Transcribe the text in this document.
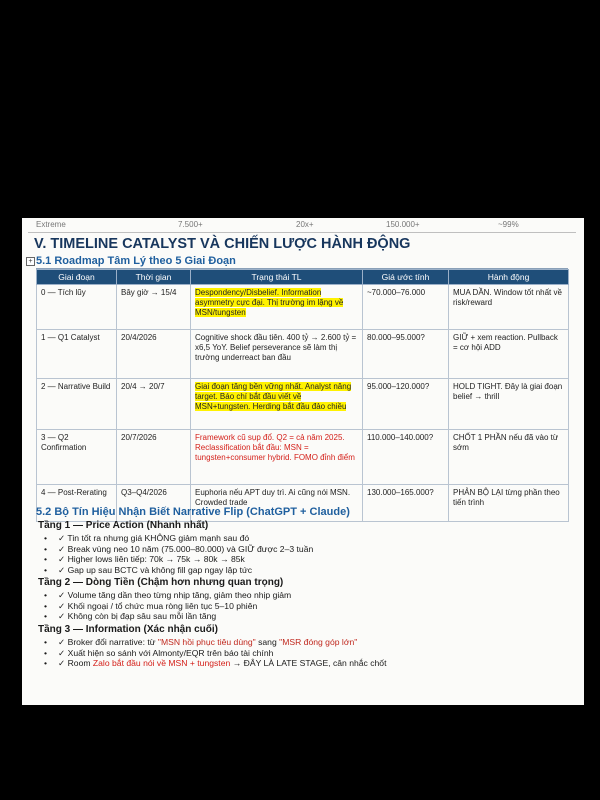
Extreme	7.500+	20x+	150.000+	~99%
V. TIMELINE CATALYST VÀ CHIẾN LƯỢC HÀNH ĐỘNG
+ 5.1 Roadmap Tâm Lý theo 5 Giai Đoạn
Giai đoạn	Thời gian	Trạng thái TL	Giá ước tính	Hành động
0 — Tích lũy	Bây giờ → 15/4	Despondency/Disbelief. Information asymmetry cực đại. Thị trường im lặng về MSN/tungsten	~70.000–76.000	MUA DẦN. Window tốt nhất về risk/reward
1 — Q1 Catalyst	20/4/2026	Cognitive shock đầu tiên. 400 tỷ → 2.600 tỷ = x6,5 YoY. Belief perseverance sẽ làm thị trường underreact ban đầu	80.000–95.000?	GIỮ + xem reaction. Pullback = cơ hội ADD
2 — Narrative Build	20/4 → 20/7	Giai đoạn tăng bền vững nhất. Analyst nâng target. Báo chí bắt đầu viết về MSN+tungsten. Herding bắt đầu đảo chiều	95.000–120.000?	HOLD TIGHT. Đây là giai đoạn belief → thrill
3 — Q2 Confirmation	20/7/2026	Framework cũ sụp đổ. Q2 = cả năm 2025. Reclassification bắt đầu: MSN = tungsten+consumer hybrid. FOMO đỉnh điểm	110.000–140.000?	CHỐT 1 PHẦN nếu đã vào từ sớm
4 — Post-Rerating	Q3–Q4/2026	Euphoria nếu APT duy trì. Ai cũng nói MSN. Crowded trade	130.000–165.000?	PHẢN BỘ LẠI từng phần theo tiến trình
5.2 Bộ Tín Hiệu Nhận Biết Narrative Flip (ChatGPT + Claude)
Tầng 1 — Price Action (Nhanh nhất)
• ✓ Tin tốt ra nhưng giá KHÔNG giảm mạnh sau đó
• ✓ Break vùng neo 10 năm (75.000–80.000) và GIỮ được 2–3 tuần
• ✓ Higher lows liên tiếp: 70k → 75k → 80k → 85k
• ✓ Gap up sau BCTC và không fill gap ngay lập tức
Tầng 2 — Dòng Tiền (Chậm hơn nhưng quan trọng)
• ✓ Volume tăng dần theo từng nhịp tăng, giảm theo nhịp giảm
• ✓ Khối ngoại / tổ chức mua ròng liên tục 5–10 phiên
• ✓ Không còn bị đạp sâu sau mỗi lần tăng
Tầng 3 — Information (Xác nhận cuối)
• ✓ Broker đổi narrative: từ "MSN hồi phục tiêu dùng" sang "MSR đóng góp lớn"
• ✓ Xuất hiện so sánh với Almonty/EQR trên báo tài chính
• ✓ Room Zalo bắt đầu nói về MSN + tungsten → ĐÂY LÀ LATE STAGE, cân nhắc chốt
